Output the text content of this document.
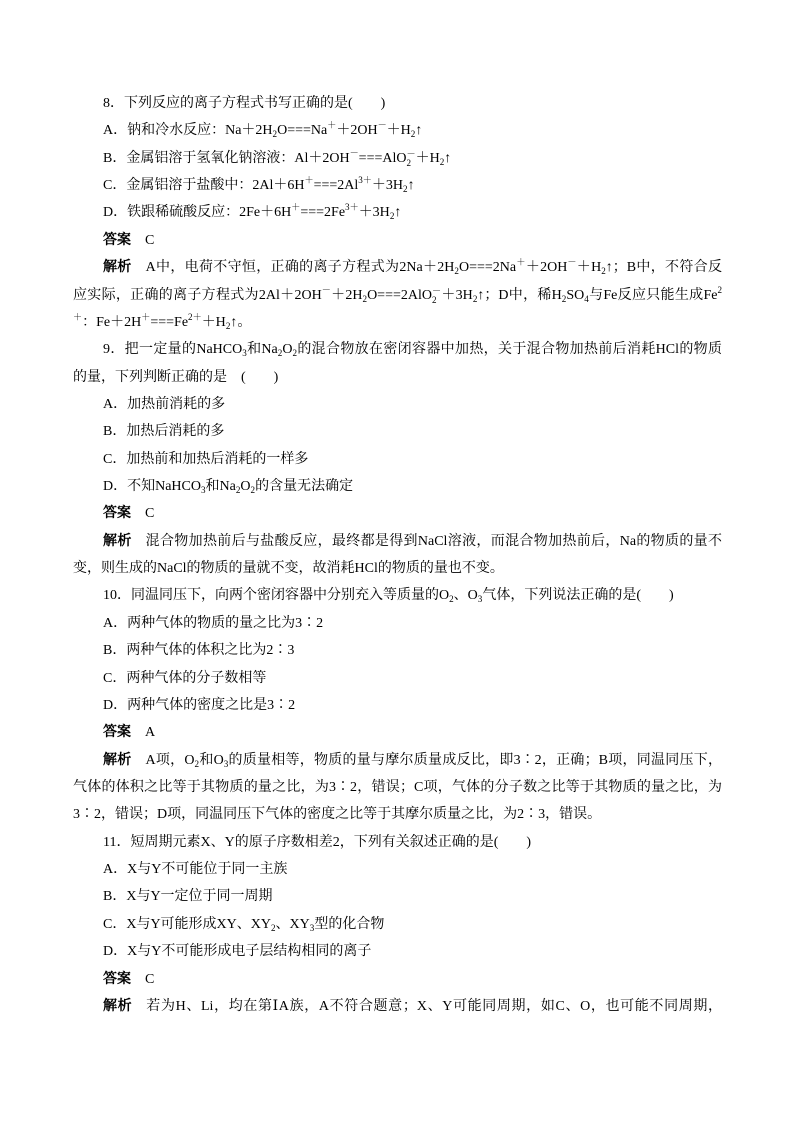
8．下列反应的离子方程式书写正确的是(　　)
A．钠和冷水反应：$Na+2H_2O===Na^++2OH^-+H_2↑$
B．金属铝溶于氢氧化钠溶液：Al＋2OH－===AlO －
$2 +H_2↑$
C．金属铝溶于盐酸中：$2Al+6H^+===2Al^{3+}+3H_2↑$
D．铁跟稀硫酸反应：$2Fe+6H^+===2Fe^{3+}+3H_2↑$
答案 C
解析 A中，电荷不守恒，正确的离子方程式为$2Na+2H_2O===2Na^++2OH^-+H_2↑$；B中，不符合反
应实际，正确的离子方程式为$2Al+2OH^-+2H_2O===2AlO$ －
$2 +3H_2↑$；D中，稀$H_2SO_4$与Fe反应只能生成Fe$^2$
＋：$Fe+2H^+===Fe^{2+}+H_2↑$。
9．把一定量的NaHCO$_3$和$Na_2O_2$的混合物放在密闭容器中加热，关于混合物加热前后消耗HCl的物质
的量，下列判断正确的是　(　　)
A．加热前消耗的多
B．加热后消耗的多
C．加热前和加热后消耗的一样多
D．不知NaHCO$_3$和$Na_2O_2$的含量无法确定
答案 C
解析 混合物加热前后与盐酸反应，最终都是得到NaCl溶液，而混合物加热前后，Na的物质的量不
变，则生成的NaCl的物质的量就不变，故消耗HCl的物质的量也不变。
10．同温同压下，向两个密闭容器中分别充入等质量的$O_2$、$O_3$气体，下列说法正确的是(　　)
A．两种气体的物质的量之比为3∶2
B．两种气体的体积之比为2∶3
C．两种气体的分子数相等
D．两种气体的密度之比是3∶2
答案 A
解析 A项，$O_2$和$O_3$的质量相等，物质的量与摩尔质量成反比，即3∶2，正确；B项，同温同压下，
气体的体积之比等于其物质的量之比，为3∶2，错误；C项，气体的分子数之比等于其物质的量之比，为
3∶2，错误；D项，同温同压下气体的密度之比等于其摩尔质量之比，为2∶3，错误。
11．短周期元素X、Y的原子序数相差2，下列有关叙述正确的是(　　)
A．X与Y不可能位于同一主族
B．X与Y一定位于同一周期
C．X与Y可能形成XY、$XY_2$、$XY_3$型的化合物
D．X与Y不可能形成电子层结构相同的离子
答案 C
解析 若为H、Li，均在第ⅠA族，A不符合题意；X、Y可能同周期，如C、O，也可能不同周期，
